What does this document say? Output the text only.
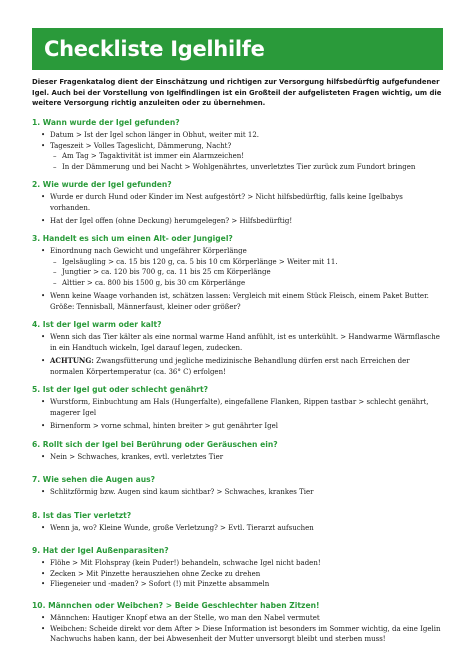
Checkliste Igelhilfe

Dieser Fragenkatalog dient der Einschätzung und richtigen zur Versorgung hilfsbedürftig aufgefundener Igel. Auch bei der Vorstellung von Igelfindlingen ist ein Großteil der aufgelisteten Fragen wichtig, um die weitere Versorgung richtig anzuleiten oder zu übernehmen.

1. Wann wurde der Igel gefunden?

• Datum > Ist der Igel schon länger in Obhut, weiter mit 12.
• Tageszeit > Volles Tageslicht, Dämmerung, Nacht?
– Am Tag > Tagaktivität ist immer ein Alarmzeichen!
– In der Dämmerung und bei Nacht > Wohlgenährtes, unverletztes Tier zurück zum Fundort bringen

2. Wie wurde der Igel gefunden?

• Wurde er durch Hund oder Kinder im Nest aufgestört? > Nicht hilfsbedürftig, falls keine Igelbabys vorhanden.
• Hat der Igel offen (ohne Deckung) herumgelegen? > Hilfsbedürftig!

3. Handelt es sich um einen Alt- oder Jungigel?

• Einordnung nach Gewicht und ungefährer Körperlänge
– Igelsäugling > ca. 15 bis 120 g, ca. 5 bis 10 cm Körperlänge > Weiter mit 11.
– Jungtier > ca. 120 bis 700 g, ca. 11 bis 25 cm Körperlänge
– Alttier > ca. 800 bis 1500 g, bis 30 cm Körperlänge
• Wenn keine Waage vorhanden ist, schätzen lassen: Vergleich mit einem Stück Fleisch, einem Paket Butter. Größe: Tennisball, Männerfaust, kleiner oder größer?

4. Ist der Igel warm oder kalt?

• Wenn sich das Tier kälter als eine normal warme Hand anfühlt, ist es unterkühlt. > Handwarme Wärmflasche in ein Handtuch wickeln, Igel darauf legen, zudecken.
• ACHTUNG: Zwangsfütterung und jegliche medizinische Behandlung dürfen erst nach Erreichen der normalen Körpertemperatur (ca. 36° C) erfolgen!

5. Ist der Igel gut oder schlecht genährt?

• Wurstform, Einbuchtung am Hals (Hungerfalte), eingefallene Flanken, Rippen tastbar > schlecht genährt, magerer Igel
• Birnenform > vorne schmal, hinten breiter > gut genährter Igel

6. Rollt sich der Igel bei Berührung oder Geräuschen ein?

• Nein > Schwaches, krankes, evtl. verletztes Tier

7. Wie sehen die Augen aus?

• Schlitzförmig bzw. Augen sind kaum sichtbar? > Schwaches, krankes Tier

8. Ist das Tier verletzt?

• Wenn ja, wo? Kleine Wunde, große Verletzung? > Evtl. Tierarzt aufsuchen

9. Hat der Igel Außenparasiten?

• Flöhe > Mit Flohspray (kein Puder!) behandeln, schwache Igel nicht baden!
• Zecken > Mit Pinzette herausziehen ohne Zecke zu drehen
• Fliegeneier und -maden? > Sofort (!) mit Pinzette absammeln

10. Männchen oder Weibchen? > Beide Geschlechter haben Zitzen!

• Männchen: Hautiger Knopf etwa an der Stelle, wo man den Nabel vermutet
• Weibchen: Scheide direkt vor dem After > Diese Information ist besonders im Sommer wichtig, da eine Igelin Nachwuchs haben kann, der bei Abwesenheit der Mutter unversorgt bleibt und sterben muss!
